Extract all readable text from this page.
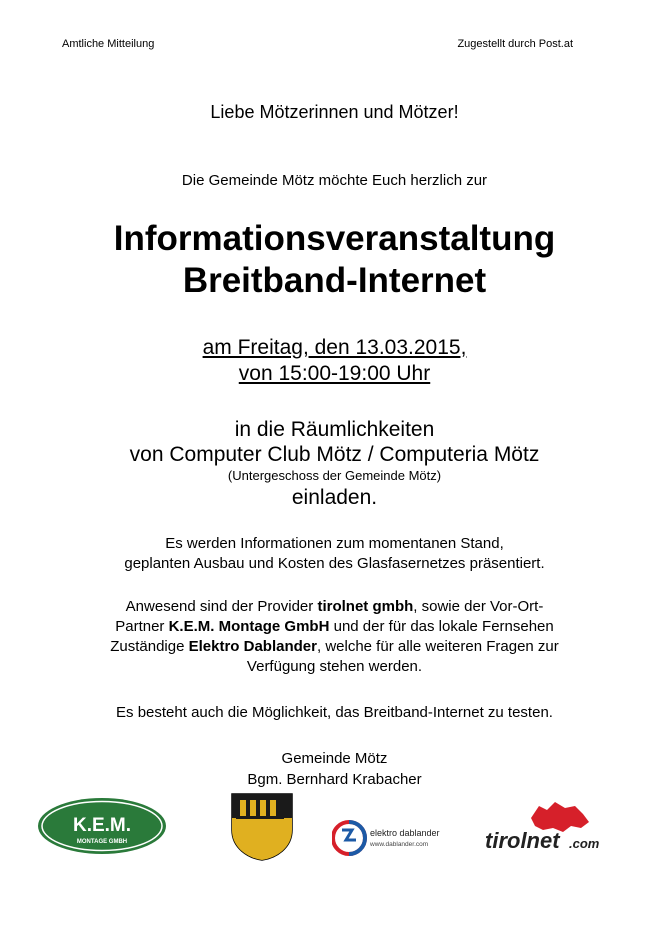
Amtliche Mitteilung	Zugestellt durch Post.at
Liebe Mötzerinnen und Mötzer!
Die Gemeinde Mötz möchte Euch herzlich zur
Informationsveranstaltung
Breitband-Internet
am Freitag, den 13.03.2015,
von 15:00-19:00 Uhr
in die Räumlichkeiten
von Computer Club Mötz / Computeria Mötz
(Untergeschoss der Gemeinde Mötz)
einladen.
Es werden Informationen zum momentanen Stand,
geplanten Ausbau und Kosten des Glasfasernetzes präsentiert.
Anwesend sind der Provider tirolnet gmbh, sowie der Vor-Ort-
Partner K.E.M. Montage GmbH und der für das lokale Fernsehen
Zuständige Elektro Dablander, welche für alle weiteren Fragen zur
Verfügung stehen werden.
Es besteht auch die Möglichkeit, das Breitband-Internet zu testen.
Gemeinde Mötz
Bgm. Bernhard Krabacher
K.E.M.
MONTAGE GMBH
elektro dablander
www.dablander.com	tirolnet .com
